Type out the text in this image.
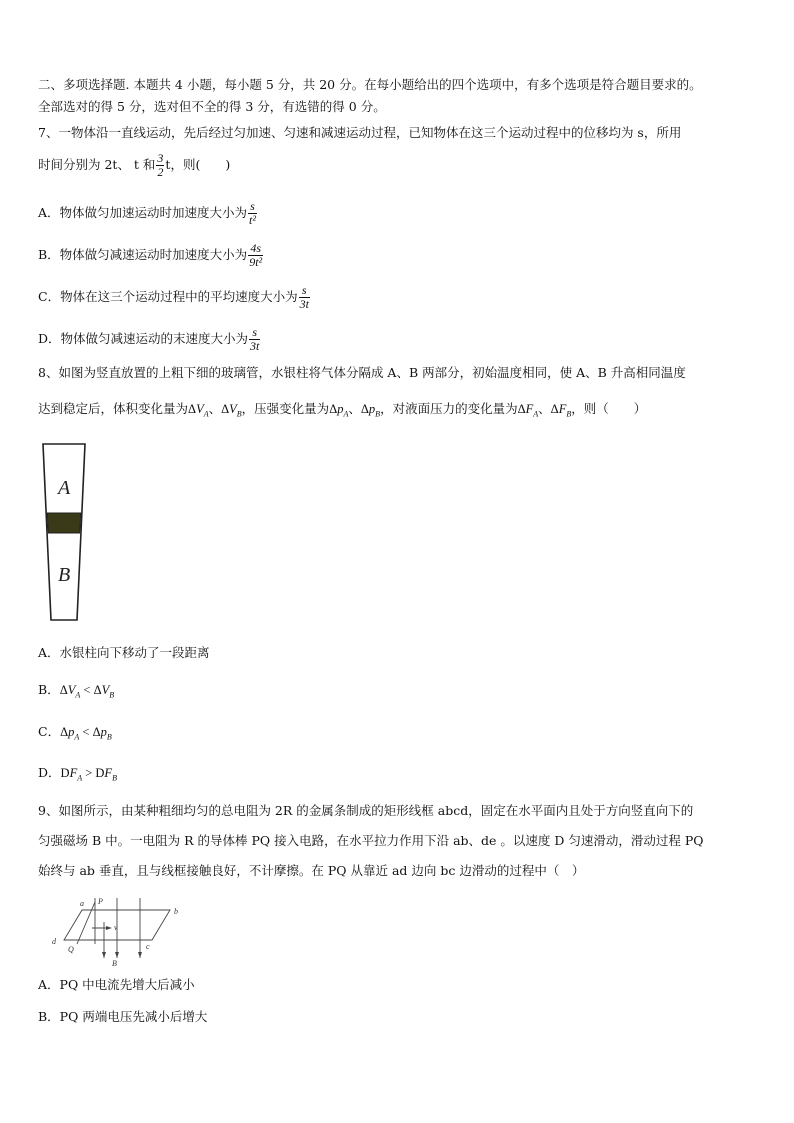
二、多项选择题. 本题共 4 小题，每小题 5 分，共 20 分。在每小题给出的四个选项中，有多个选项是符合题目要求的。
全部选对的得 5 分，选对但不全的得 3 分，有选错的得 0 分。
7、一物体沿一直线运动，先后经过匀加速、匀速和减速运动过程，已知物体在这三个运动过程中的位移均为 s，所用
时间分别为 2t、 t 和 $\frac{3}{2}$ t，则(　　)
A．物体做匀加速运动时加速度大小为 $\frac{s}{\text{t²}}$
B．物体做匀减速运动时加速度大小为 $\frac{4s}{\text{9t²}}$
C．物体在这三个运动过程中的平均速度大小为 $\frac{s}{3t}$
D．物体做匀减速运动的末速度大小为 $\frac{s}{3t}$
8、如图为竖直放置的上粗下细的玻璃管，水银柱将气体分隔成 A、B 两部分，初始温度相同，使 A、B 升高相同温度
达到稳定后，体积变化量为$\Delta V_A$、$\Delta V_B$，压强变化量为$\Delta p_A$、$\Delta p_B$，对液面压力的变化量为$\Delta F_A$、$\Delta F_B$，则（　　）
A
B
A．水银柱向下移动了一段距离
B．$\Delta V_A < \Delta V_B$
C．$\Delta p_A < \Delta p_B$
D．$DF_A > DF_B$
9、如图所示，由某种粗细均匀的总电阻为 2R 的金属条制成的矩形线框 abcd，固定在水平面内且处于方向竖直向下的
匀强磁场 B 中。一电阻为 R 的导体棒 PQ 接入电路，在水平拉力作用下沿 ab、de 。以速度 D 匀速滑动，滑动过程 PQ
始终与 ab 垂直，且与线框接触良好，不计摩擦。在 PQ 从靠近 ad 边向 bc 边滑动的过程中（　）
a
b
c
d
P
Q
v
B
A．PQ 中电流先增大后减小
B．PQ 两端电压先减小后增大
